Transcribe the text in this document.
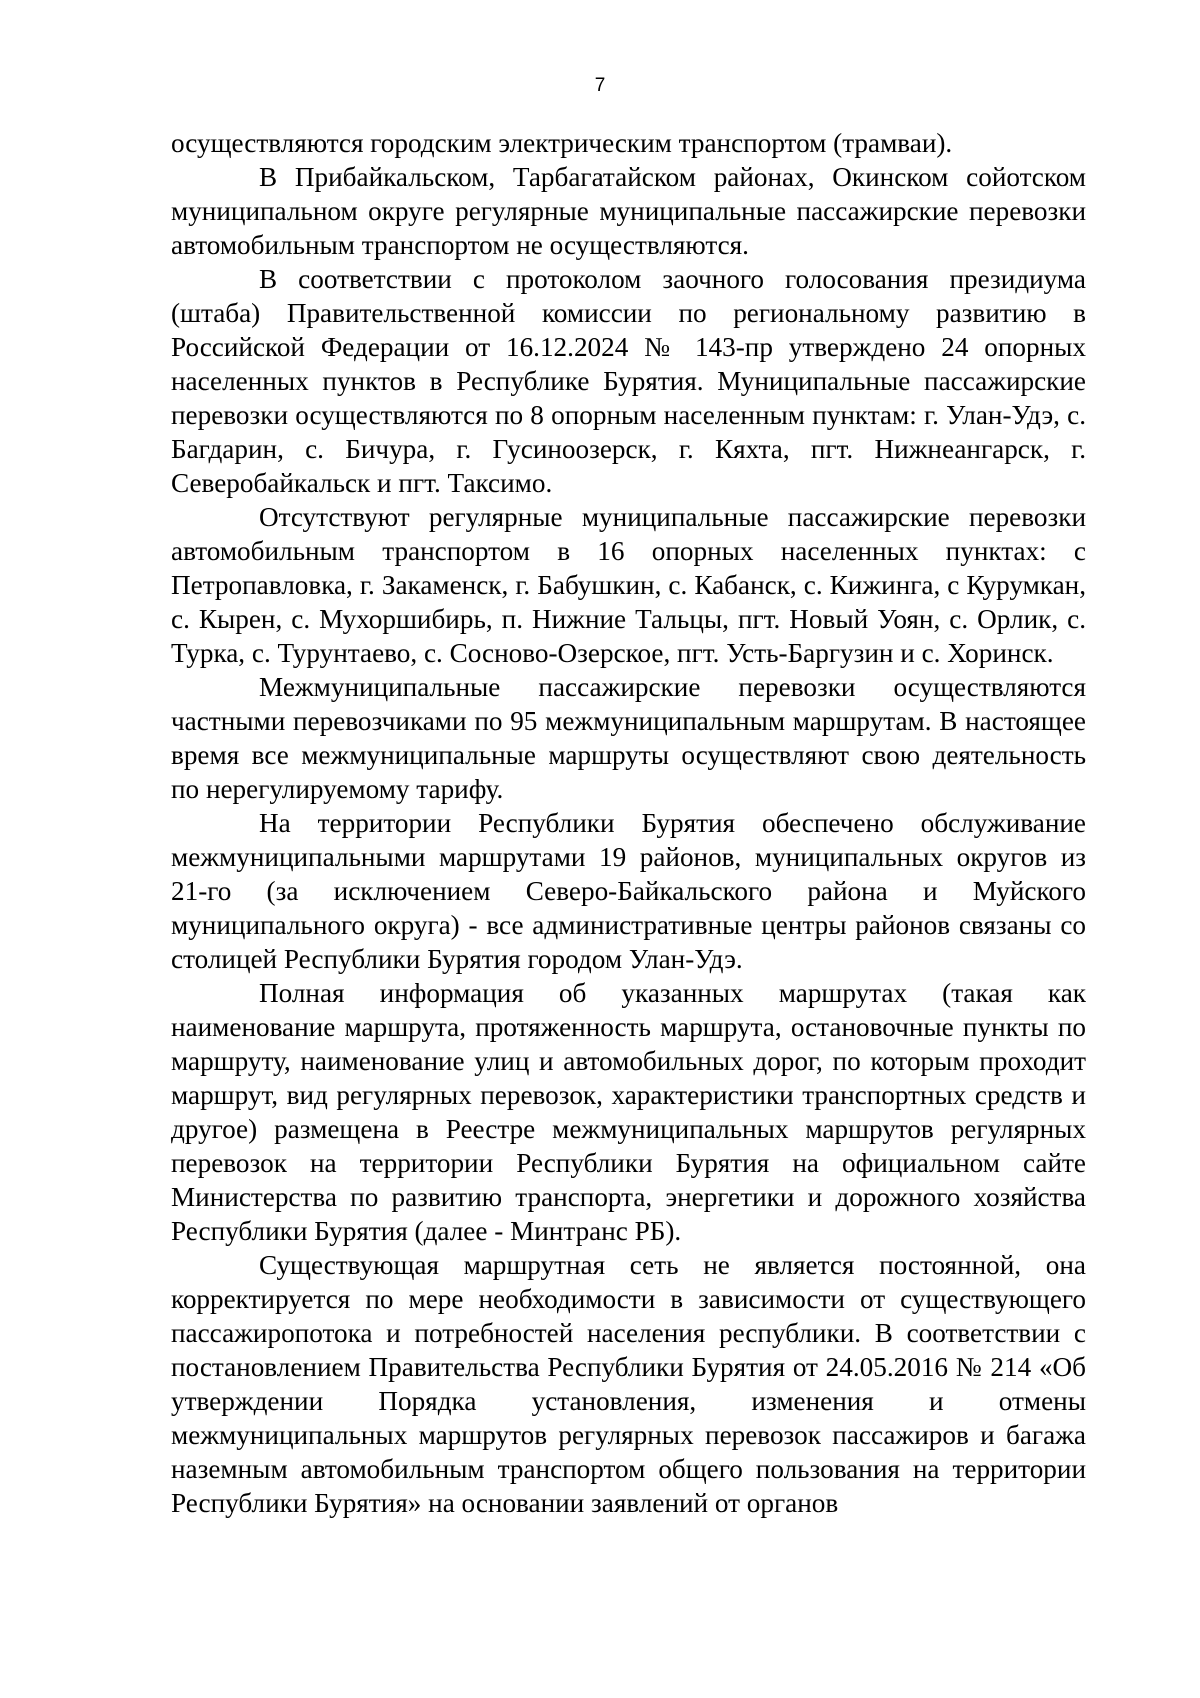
7

осуществляются городским электрическим транспортом (трамваи).

В Прибайкальском, Тарбагатайском районах, Окинском сойотском муниципальном округе регулярные муниципальные пассажирские перевозки автомобильным транспортом не осуществляются.

В соответствии с протоколом заочного голосования президиума (штаба) Правительственной комиссии по региональному развитию в Российской Федерации от 16.12.2024 № 143-пр утверждено 24 опорных населенных пунктов в Республике Бурятия. Муниципальные пассажирские перевозки осуществляются по 8 опорным населенным пунктам: г. Улан-Удэ, с. Багдарин, с. Бичура, г. Гусиноозерск, г. Кяхта, пгт. Нижнеангарск, г. Северобайкальск и пгт. Таксимо.

Отсутствуют регулярные муниципальные пассажирские перевозки автомобильным транспортом в 16 опорных населенных пунктах: с Петропавловка, г. Закаменск, г. Бабушкин, с. Кабанск, с. Кижинга, с Курумкан, с. Кырен, с. Мухоршибирь, п. Нижние Тальцы, пгт. Новый Уоян, с. Орлик, с. Турка, с. Турунтаево, с. Сосново-Озерское, пгт. Усть-Баргузин и с. Хоринск.

Межмуниципальные пассажирские перевозки осуществляются частными перевозчиками по 95 межмуниципальным маршрутам. В настоящее время все межмуниципальные маршруты осуществляют свою деятельность по нерегулируемому тарифу.

На территории Республики Бурятия обеспечено обслуживание межмуниципальными маршрутами 19 районов, муниципальных округов из 21-го (за исключением Северо-Байкальского района и Муйского муниципального округа) - все административные центры районов связаны со столицей Республики Бурятия городом Улан-Удэ.

Полная информация об указанных маршрутах (такая как наименование маршрута, протяженность маршрута, остановочные пункты по маршруту, наименование улиц и автомобильных дорог, по которым проходит маршрут, вид регулярных перевозок, характеристики транспортных средств и другое) размещена в Реестре межмуниципальных маршрутов регулярных перевозок на территории Республики Бурятия на официальном сайте Министерства по развитию транспорта, энергетики и дорожного хозяйства Республики Бурятия (далее - Минтранс РБ).

Существующая маршрутная сеть не является постоянной, она корректируется по мере необходимости в зависимости от существующего пассажиропотока и потребностей населения республики. В соответствии с постановлением Правительства Республики Бурятия от 24.05.2016 № 214 «Об утверждении Порядка установления, изменения и отмены межмуниципальных маршрутов регулярных перевозок пассажиров и багажа наземным автомобильным транспортом общего пользования на территории Республики Бурятия» на основании заявлений от органов
